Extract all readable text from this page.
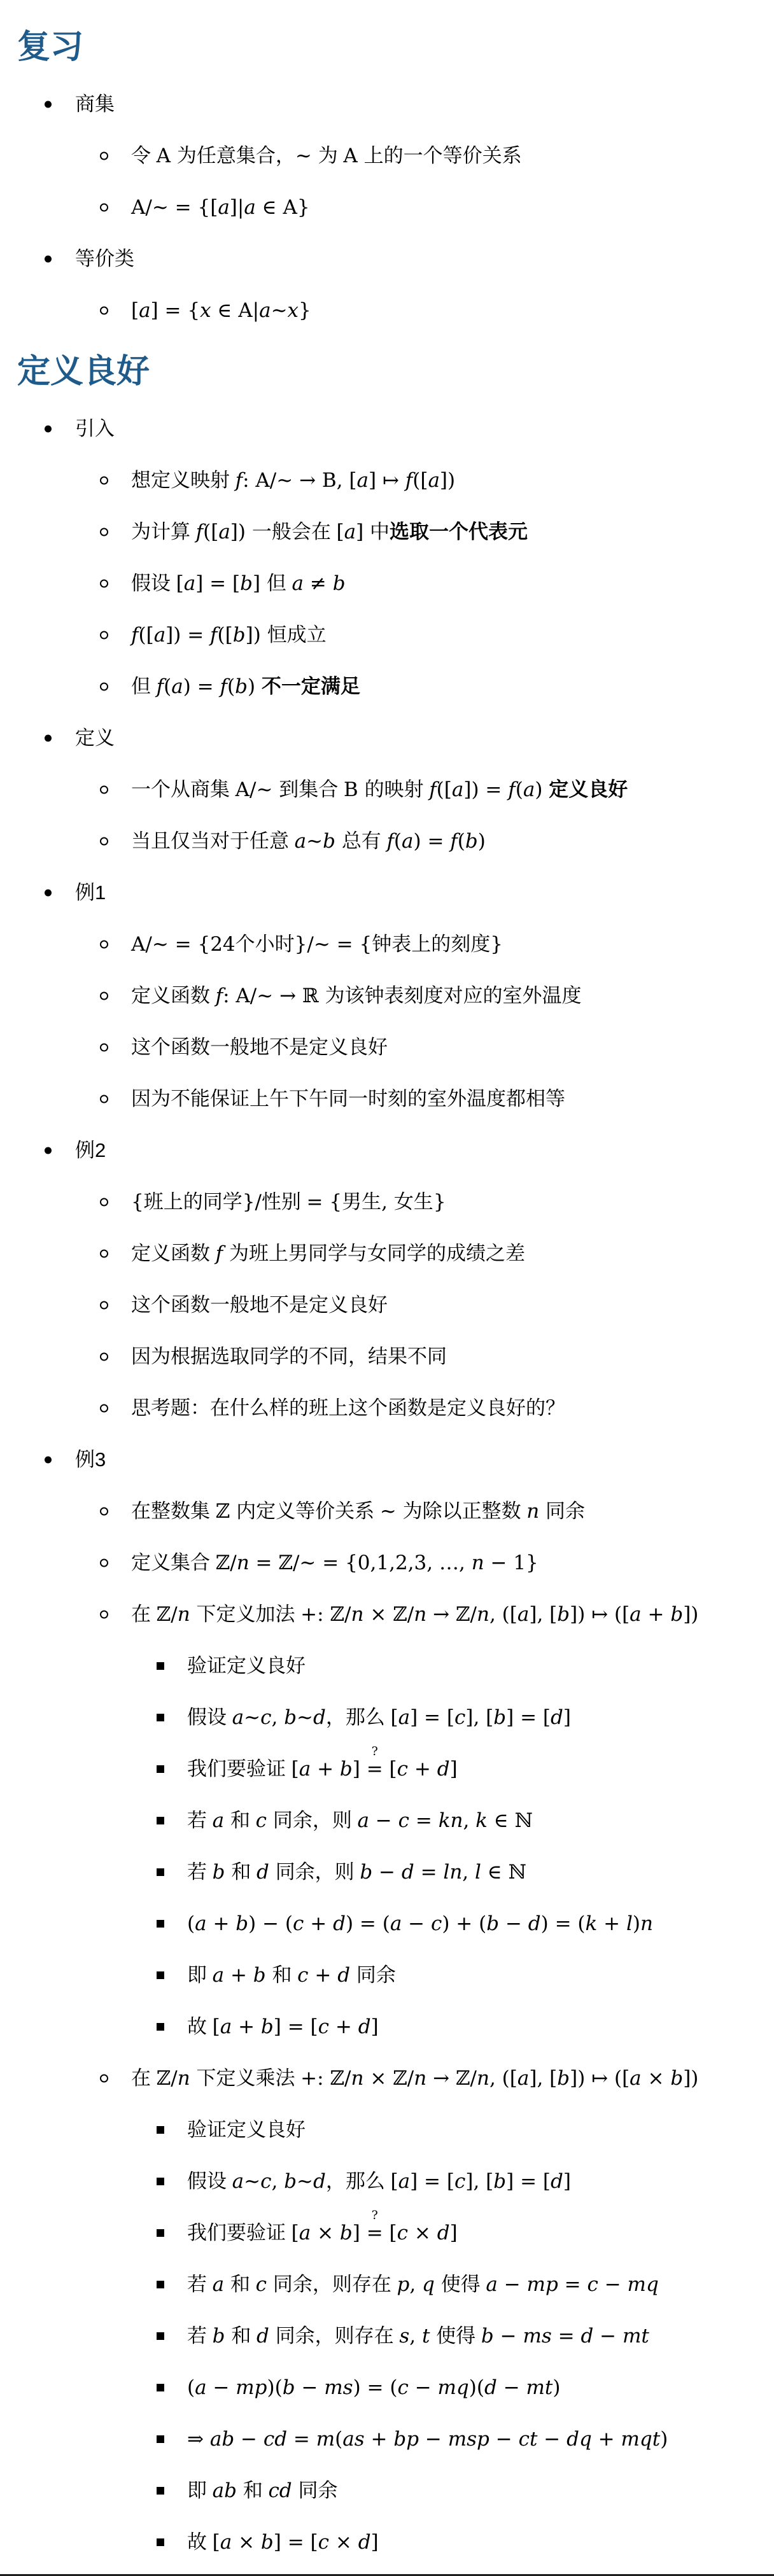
复习
商集
令 A 为任意集合，~ 为 A 上的一个等价关系
A/~ = {[a]|a ∈ A}
等价类
[a] = {x ∈ A|a~x}
定义良好
引入
想定义映射 f: A/~ → B, [a] ↦ f([a])
为计算 f([a]) 一般会在 [a] 中选取一个代表元
假设 [a] = [b] 但 a ≠ b
f([a]) = f([b]) 恒成立
但 f(a) = f(b) 不一定满足
定义
一个从商集 A/~ 到集合 B 的映射 f([a]) = f(a) 定义良好
当且仅当对于任意 a~b 总有 f(a) = f(b)
例1
A/~ = {24个小时}/~ = {钟表上的刻度}
定义函数 f: A/~ → ℝ 为该钟表刻度对应的室外温度
这个函数一般地不是定义良好
因为不能保证上午下午同一时刻的室外温度都相等
例2
{班上的同学}/性别 = {男生, 女生}
定义函数 f 为班上男同学与女同学的成绩之差
这个函数一般地不是定义良好
因为根据选取同学的不同，结果不同
思考题：在什么样的班上这个函数是定义良好的？
例3
在整数集 ℤ 内定义等价关系 ~ 为除以正整数 n 同余
定义集合 ℤ/n = ℤ/~ = {0,1,2,3, …, n − 1}
在 ℤ/n 下定义加法 +: ℤ/n × ℤ/n → ℤ/n, ([a], [b]) ↦ ([a + b])
验证定义良好
假设 a~c, b~d，那么 [a] = [c], [b] = [d]
我们要验证 [a + b]
?
= [c + d]
若 a 和 c 同余，则 a − c = kn, k ∈ ℕ
若 b 和 d 同余，则 b − d = ln, l ∈ ℕ
(a + b) − (c + d) = (a − c) + (b − d) = (k + l)n
即 a + b 和 c + d 同余
故 [a + b] = [c + d]
在 ℤ/n 下定义乘法 +: ℤ/n × ℤ/n → ℤ/n, ([a], [b]) ↦ ([a × b])
验证定义良好
假设 a~c, b~d，那么 [a] = [c], [b] = [d]
我们要验证 [a × b]
?
= [c × d]
若 a 和 c 同余，则存在 p, q 使得 a − mp = c − mq
若 b 和 d 同余，则存在 s, t 使得 b − ms = d − mt
(a − mp)(b − ms) = (c − mq)(d − mt)
⇒ ab − cd = m(as + bp − msp − ct − dq + mqt)
即 ab 和 cd 同余
故 [a × b] = [c × d]
